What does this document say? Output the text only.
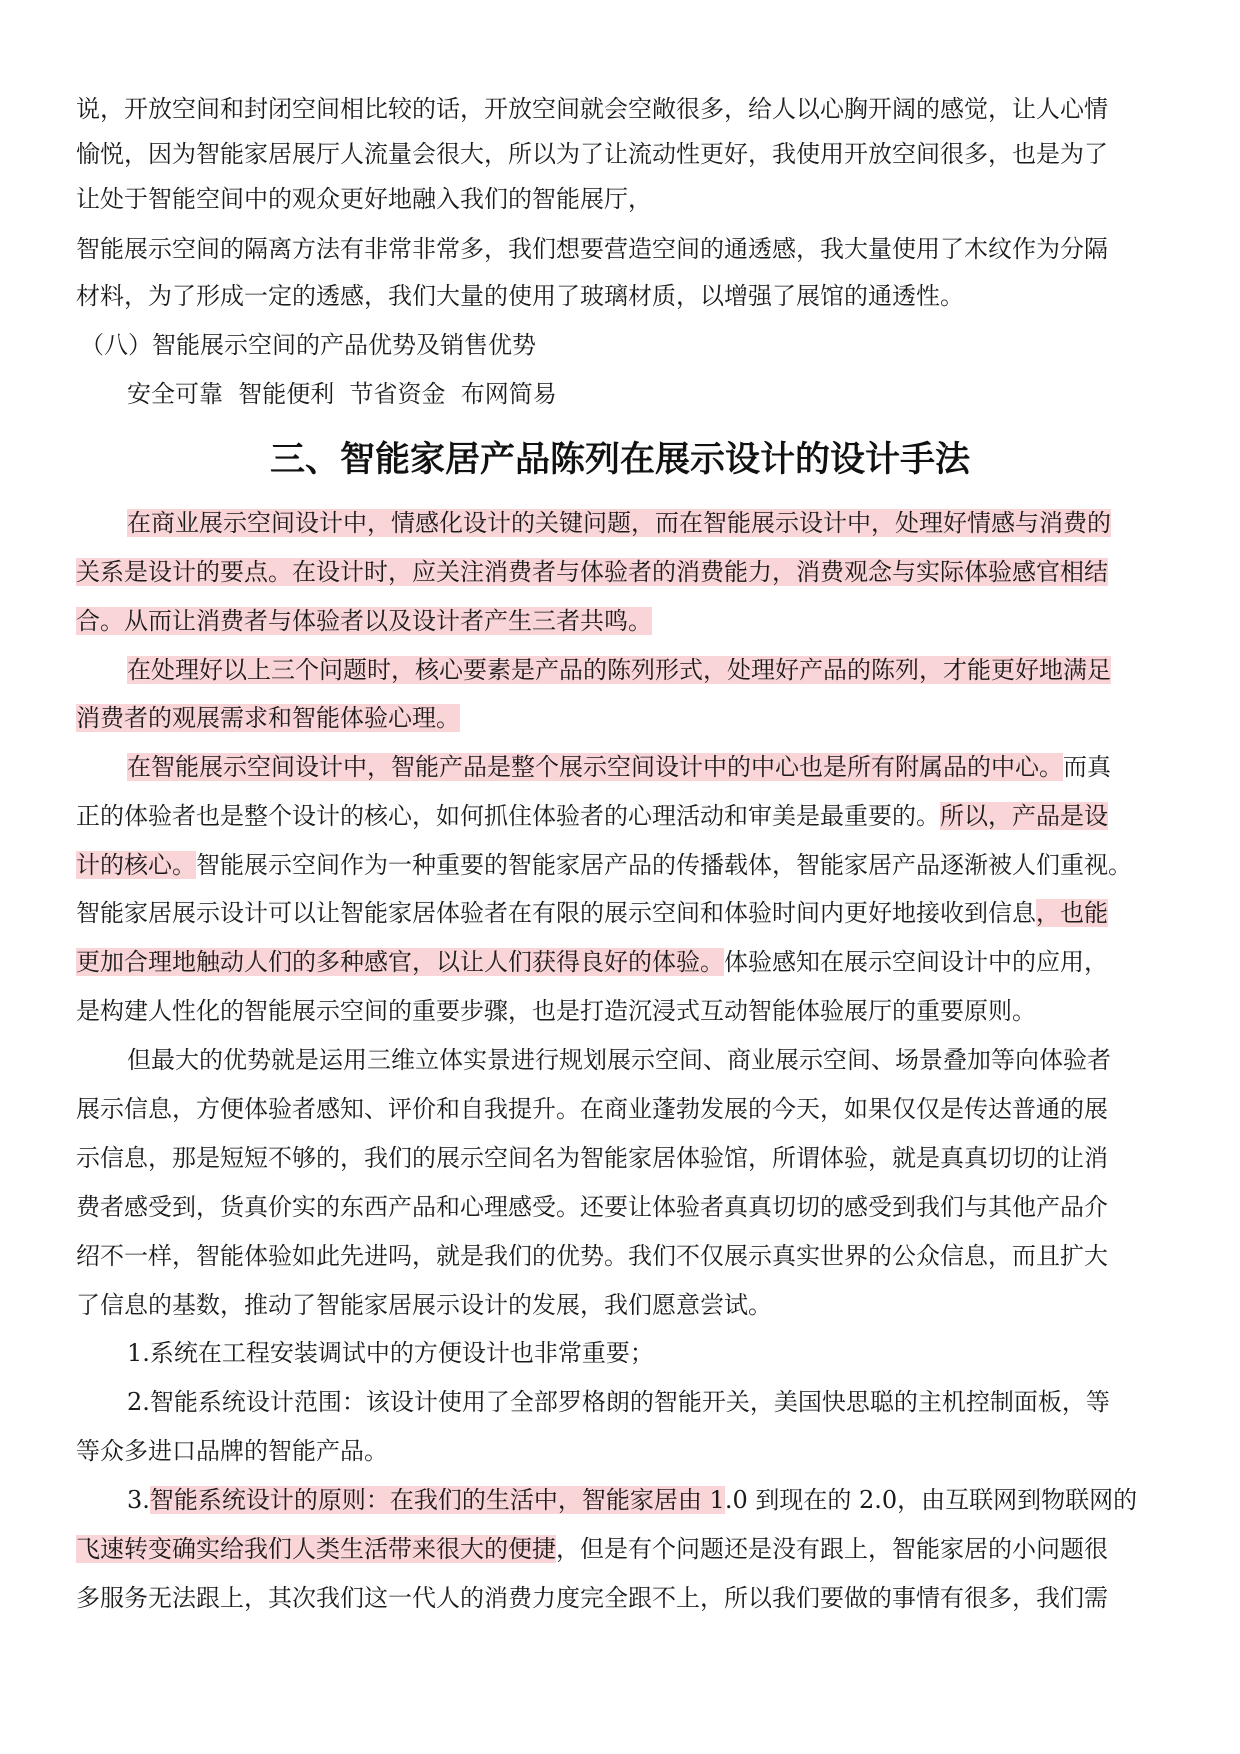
说，开放空间和封闭空间相比较的话，开放空间就会空敞很多，给人以心胸开阔的感觉，让人心情
愉悦，因为智能家居展厅人流量会很大，所以为了让流动性更好，我使用开放空间很多，也是为了
让处于智能空间中的观众更好地融入我们的智能展厅，
智能展示空间的隔离方法有非常非常多，我们想要营造空间的通透感，我大量使用了木纹作为分隔
材料，为了形成一定的透感，我们大量的使用了玻璃材质，以增强了展馆的通透性。
（八）智能展示空间的产品优势及销售优势
安全可靠  智能便利  节省资金  布网简易
三、智能家居产品陈列在展示设计的设计手法
在商业展示空间设计中，情感化设计的关键问题，而在智能展示设计中，处理好情感与消费的
关系是设计的要点。在设计时，应关注消费者与体验者的消费能力，消费观念与实际体验感官相结
合。从而让消费者与体验者以及设计者产生三者共鸣。
在处理好以上三个问题时，核心要素是产品的陈列形式，处理好产品的陈列，才能更好地满足
消费者的观展需求和智能体验心理。
在智能展示空间设计中，智能产品是整个展示空间设计中的中心也是所有附属品的中心。而真
正的体验者也是整个设计的核心，如何抓住体验者的心理活动和审美是最重要的。所以，产品是设
计的核心。智能展示空间作为一种重要的智能家居产品的传播载体，智能家居产品逐渐被人们重视。
智能家居展示设计可以让智能家居体验者在有限的展示空间和体验时间内更好地接收到信息，也能
更加合理地触动人们的多种感官，以让人们获得良好的体验。体验感知在展示空间设计中的应用，
是构建人性化的智能展示空间的重要步骤，也是打造沉浸式互动智能体验展厅的重要原则。
但最大的优势就是运用三维立体实景进行规划展示空间、商业展示空间、场景叠加等向体验者
展示信息，方便体验者感知、评价和自我提升。在商业蓬勃发展的今天，如果仅仅是传达普通的展
示信息，那是短短不够的，我们的展示空间名为智能家居体验馆，所谓体验，就是真真切切的让消
费者感受到，货真价实的东西产品和心理感受。还要让体验者真真切切的感受到我们与其他产品介
绍不一样，智能体验如此先进吗，就是我们的优势。我们不仅展示真实世界的公众信息，而且扩大
了信息的基数，推动了智能家居展示设计的发展，我们愿意尝试。
1.系统在工程安装调试中的方便设计也非常重要；
2.智能系统设计范围：该设计使用了全部罗格朗的智能开关，美国快思聪的主机控制面板，等
等众多进口品牌的智能产品。
3.智能系统设计的原则：在我们的生活中，智能家居由 1.0 到现在的 2.0，由互联网到物联网的
飞速转变确实给我们人类生活带来很大的便捷，但是有个问题还是没有跟上，智能家居的小问题很
多服务无法跟上，其次我们这一代人的消费力度完全跟不上，所以我们要做的事情有很多，我们需
